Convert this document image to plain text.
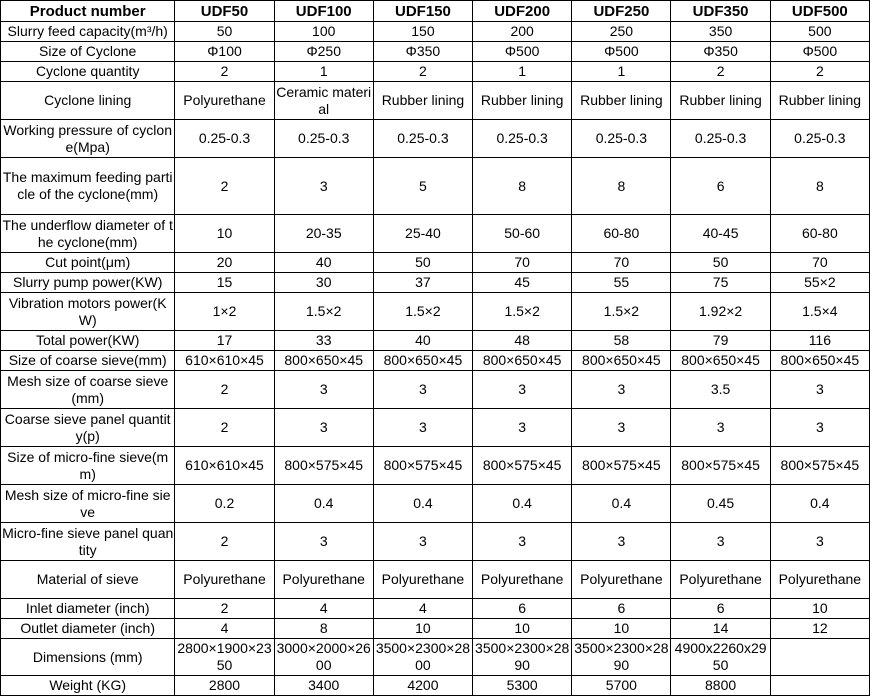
Product number	UDF50	UDF100	UDF150	UDF200	UDF250	UDF350	UDF500
Slurry feed capacity(m³/h)	50	100	150	200	250	350	500
Size of Cyclone	Φ100	Φ250	Φ350	Φ500	Φ500	Φ350	Φ500
Cyclone quantity	2	1	2	1	1	2	2
Cyclone lining	Polyurethane	Ceramic material	Rubber lining	Rubber lining	Rubber lining	Rubber lining	Rubber lining
Working pressure of cyclone(Mpa)	0.25-0.3	0.25-0.3	0.25-0.3	0.25-0.3	0.25-0.3	0.25-0.3	0.25-0.3
The maximum feeding particle of the cyclone(mm)	2	3	5	8	8	6	8
The underflow diameter of the cyclone(mm)	10	20-35	25-40	50-60	60-80	40-45	60-80
Cut point(μm)	20	40	50	70	70	50	70
Slurry pump power(KW)	15	30	37	45	55	75	55×2
Vibration motors power(KW)	1×2	1.5×2	1.5×2	1.5×2	1.5×2	1.92×2	1.5×4
Total power(KW)	17	33	40	48	58	79	116
Size of coarse sieve(mm)	610×610×45	800×650×45	800×650×45	800×650×45	800×650×45	800×650×45	800×650×45
Mesh size of coarse sieve(mm)	2	3	3	3	3	3.5	3
Coarse sieve panel quantity(p)	2	3	3	3	3	3	3
Size of micro-fine sieve(mm)	610×610×45	800×575×45	800×575×45	800×575×45	800×575×45	800×575×45	800×575×45
Mesh size of micro-fine sieve	0.2	0.4	0.4	0.4	0.4	0.45	0.4
Micro-fine sieve panel quantity	2	3	3	3	3	3	3
Material of sieve	Polyurethane	Polyurethane	Polyurethane	Polyurethane	Polyurethane	Polyurethane	Polyurethane
Inlet diameter (inch)	2	4	4	6	6	6	10
Outlet diameter (inch)	4	8	10	10	10	14	12
Dimensions (mm)	2800×1900×2350	3000×2000×2600	3500×2300×2800	3500×2300×2890	3500×2300×2890	4900x2260x2950	
Weight (KG)	2800	3400	4200	5300	5700	8800	
